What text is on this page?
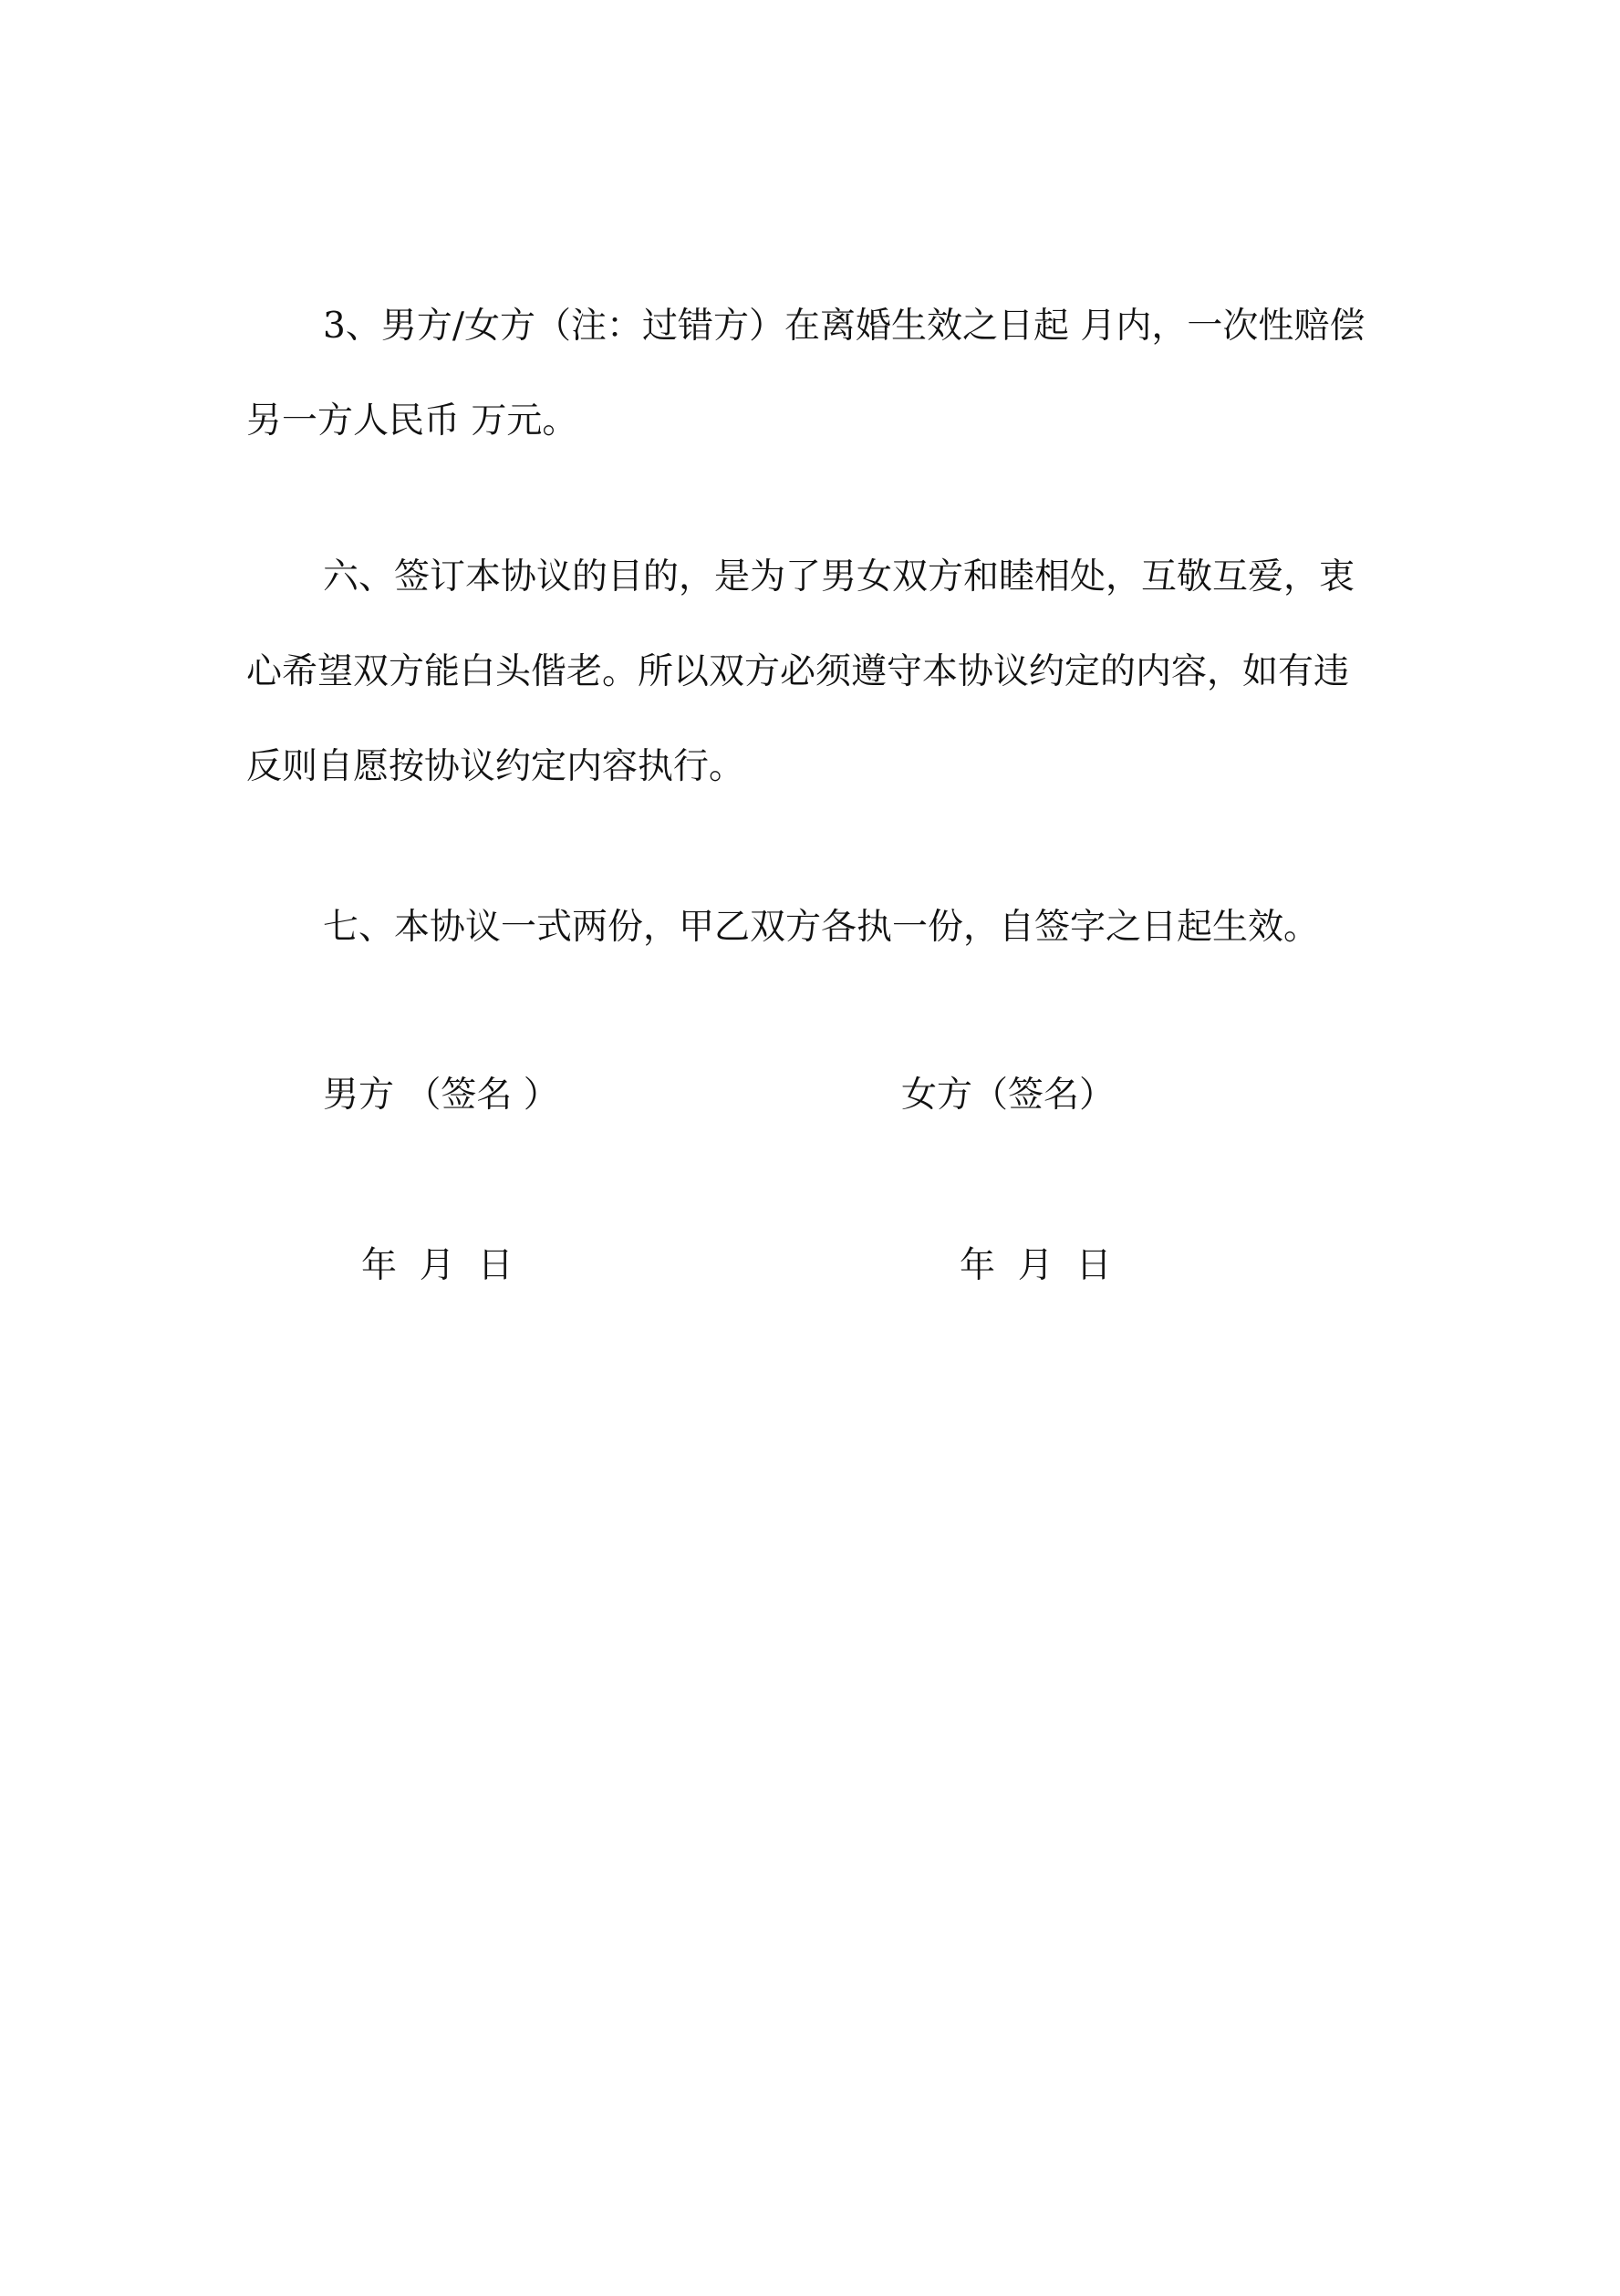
3、男方/女方（注：过错方）在离婚生效之日起 月内，一次性赔偿另一方人民币 万元。

六、签订本协议的目的，是为了男女双方和睦相处，互敬互爱，衷心希望双方能白头偕老。所以双方必须遵守本协议约定的内容，如有违反则自愿按协议约定内容执行。

七、本协议一式两份，甲乙双方各执一份，自签字之日起生效。

男方 （签名 ）	女方（签名）
年  月  日	年  月  日
